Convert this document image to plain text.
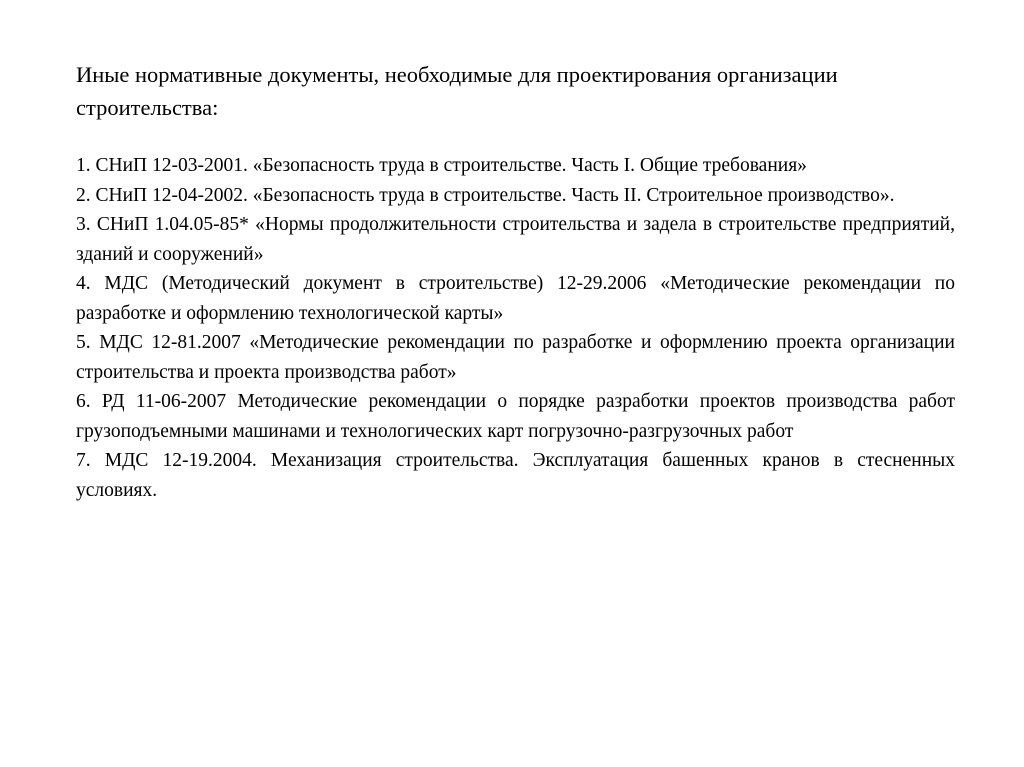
Иные нормативные документы, необходимые для проектирования организации строительства:

1. СНиП 12-03-2001. «Безопасность труда в строительстве. Часть I. Общие требования»

2. СНиП 12-04-2002. «Безопасность труда в строительстве. Часть II. Строительное производство».

3. СНиП 1.04.05-85* «Нормы продолжительности строительства и задела в строительстве предприятий, зданий и сооружений»

4. МДС (Методический документ в строительстве) 12-29.2006 «Методические рекомендации по разработке и оформлению технологической карты»

5. МДС 12-81.2007 «Методические рекомендации по разработке и оформлению проекта организации строительства и проекта производства работ»

6. РД 11-06-2007 Методические рекомендации о порядке разработки проектов производства работ грузоподъемными машинами и технологических карт погрузочно-разгрузочных работ

7. МДС 12-19.2004. Механизация строительства. Эксплуатация башенных кранов в стесненных условиях.
